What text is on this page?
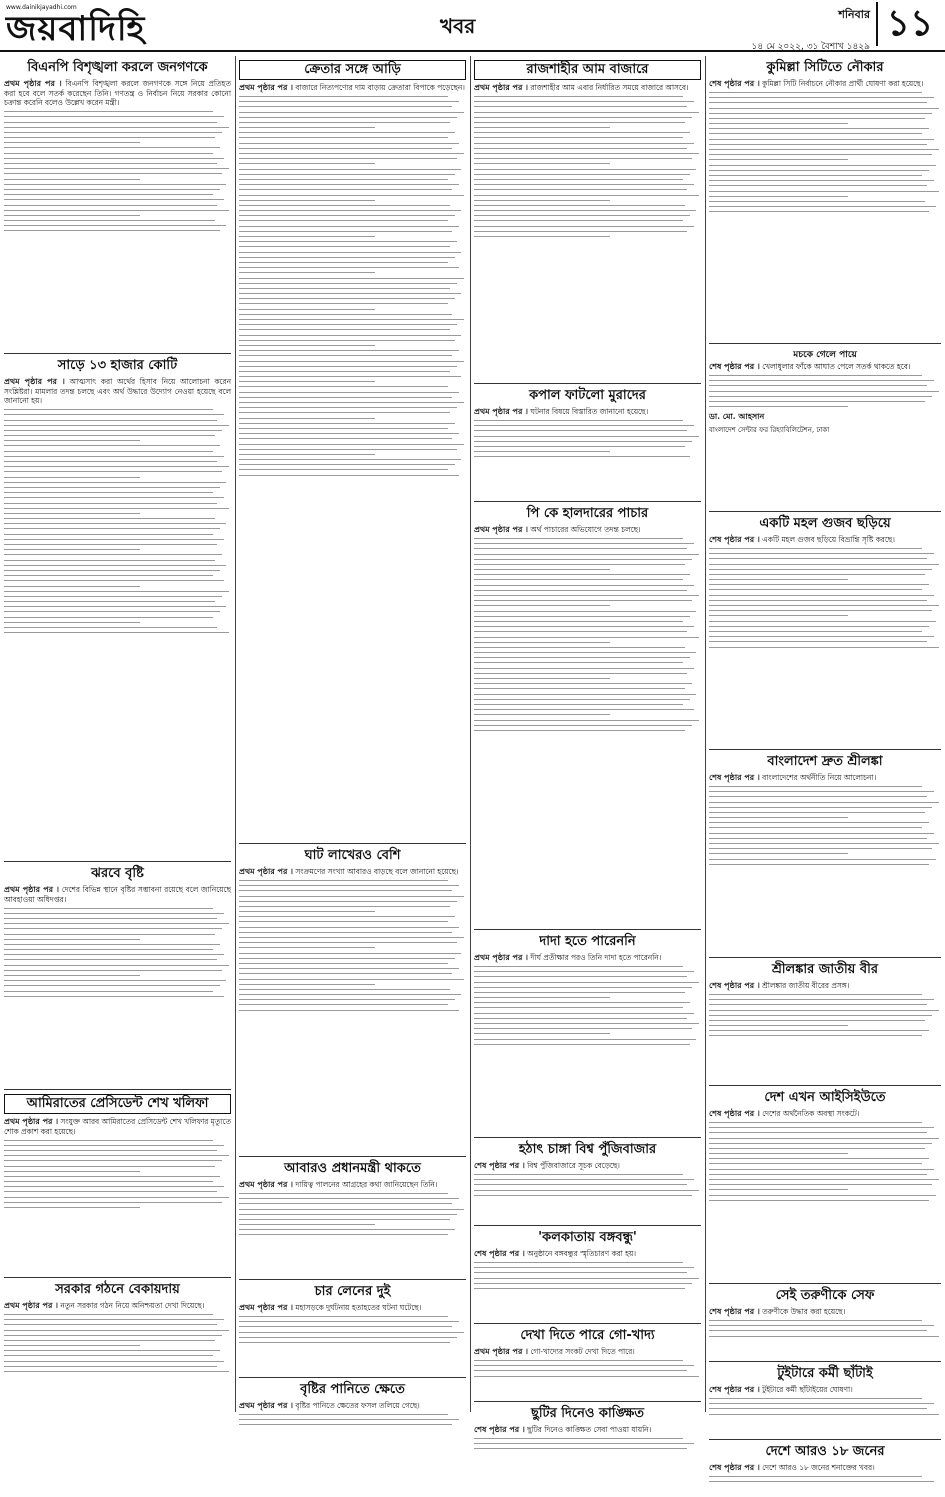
www.dainikjayadhi.com
জয়বাদিহি	খবর	শনিবার
১৪ মে ২০২২, ৩১ বৈশাখ ১৪২৯
১১
বিএনপি বিশৃঙ্খলা করলে জনগণকে
প্রথম পৃষ্ঠার পর । বিএনপি বিশৃঙ্খলা করলে জনগণকে সঙ্গে নিয়ে প্রতিহত করা হবে বলে সতর্ক করেছেন তিনি। গণতন্ত্র ও নির্বাচন নিয়ে সরকার কোনো চক্রান্ত করেনি বলেও উল্লেখ করেন মন্ত্রী।
সাড়ে ১৩ হাজার কোটি
প্রথম পৃষ্ঠার পর । আত্মসাৎ করা অর্থের হিসাব নিয়ে আলোচনা করেন সংশ্লিষ্টরা। মামলার তদন্ত চলছে এবং অর্থ উদ্ধারে উদ্যোগ নেওয়া হয়েছে বলে জানানো হয়।
ঝরবে বৃষ্টি
প্রথম পৃষ্ঠার পর । দেশের বিভিন্ন স্থানে বৃষ্টির সম্ভাবনা রয়েছে বলে জানিয়েছে আবহাওয়া অধিদপ্তর।
আমিরাতের প্রেসিডেন্ট শেখ খলিফা
প্রথম পৃষ্ঠার পর । সংযুক্ত আরব আমিরাতের প্রেসিডেন্ট শেখ খলিফার মৃত্যুতে শোক প্রকাশ করা হয়েছে।
সরকার গঠনে বেকায়দায়
প্রথম পৃষ্ঠার পর । নতুন সরকার গঠন নিয়ে অনিশ্চয়তা দেখা দিয়েছে।
ক্রেতার সঙ্গে আড়ি
প্রথম পৃষ্ঠার পর । বাজারে নিত্যপণ্যের দাম বাড়ায় ক্রেতারা বিপাকে পড়েছেন।
ঘাট লাখেরও বেশি
প্রথম পৃষ্ঠার পর । সংক্রমণের সংখ্যা আবারও বাড়ছে বলে জানানো হয়েছে।
আবারও প্রধানমন্ত্রী থাকতে
প্রথম পৃষ্ঠার পর । দায়িত্ব পালনের আগ্রহের কথা জানিয়েছেন তিনি।
চার লেনের দুই
প্রথম পৃষ্ঠার পর । মহাসড়কে দুর্ঘটনায় হতাহতের ঘটনা ঘটেছে।
বৃষ্টির পানিতে ক্ষেতে
প্রথম পৃষ্ঠার পর । বৃষ্টির পানিতে ক্ষেতের ফসল তলিয়ে গেছে।
রাজশাহীর আম বাজারে
প্রথম পৃষ্ঠার পর । রাজশাহীর আম এবার নির্ধারিত সময়ে বাজারে আসবে।
কপাল ফাটলো মুরাদের
প্রথম পৃষ্ঠার পর । ঘটনার বিষয়ে বিস্তারিত জানানো হয়েছে।
পি কে হালদারের পাচার
প্রথম পৃষ্ঠার পর । অর্থ পাচারের অভিযোগে তদন্ত চলছে।
দাদা হতে পারেননি
প্রথম পৃষ্ঠার পর । দীর্ঘ প্রতীক্ষার পরও তিনি দাদা হতে পারেননি।
হঠাৎ চাঙ্গা বিশ্ব পুঁজিবাজার
শেষ পৃষ্ঠার পর । বিশ্ব পুঁজিবাজারে সূচক বেড়েছে।
'কলকাতায় বঙ্গবন্ধু'
শেষ পৃষ্ঠার পর । অনুষ্ঠানে বঙ্গবন্ধুর স্মৃতিচারণ করা হয়।
দেখা দিতে পারে গো-খাদ্য
প্রথম পৃষ্ঠার পর । গো-খাদ্যের সংকট দেখা দিতে পারে।
ছুটির দিনেও কাঙ্ক্ষিত
শেষ পৃষ্ঠার পর । ছুটির দিনেও কাঙ্ক্ষিত সেবা পাওয়া যায়নি।
কুমিল্লা সিটিতে নৌকার
শেষ পৃষ্ঠার পর । কুমিল্লা সিটি নির্বাচনে নৌকার প্রার্থী ঘোষণা করা হয়েছে।
মচকে গেলে পায়ে
শেষ পৃষ্ঠার পর । খেলাধুলার ফাঁকে আঘাত পেলে সতর্ক থাকতে হবে।
ডা. মো. আহসান
বাংলাদেশ সেন্টার ফর রিহ্যাবিলিটেশন, ঢাকা
একটি মহল গুজব ছড়িয়ে
শেষ পৃষ্ঠার পর । একটি মহল গুজব ছড়িয়ে বিভ্রান্তি সৃষ্টি করছে।
বাংলাদেশ দ্রুত শ্রীলঙ্কা
শেষ পৃষ্ঠার পর । বাংলাদেশের অর্থনীতি নিয়ে আলোচনা।
শ্রীলঙ্কার জাতীয় বীর
শেষ পৃষ্ঠার পর । শ্রীলঙ্কার জাতীয় বীরের প্রসঙ্গ।
দেশ এখন আইসিইউতে
শেষ পৃষ্ঠার পর । দেশের অর্থনৈতিক অবস্থা সংকটে।
সেই তরুণীকে সেফ
শেষ পৃষ্ঠার পর । তরুণীকে উদ্ধার করা হয়েছে।
টুইটারে কর্মী ছাঁটাই
শেষ পৃষ্ঠার পর । টুইটারে কর্মী ছাঁটাইয়ের ঘোষণা।
দেশে আরও ১৮ জনের
শেষ পৃষ্ঠার পর । দেশে আরও ১৮ জনের শনাক্তের খবর।
